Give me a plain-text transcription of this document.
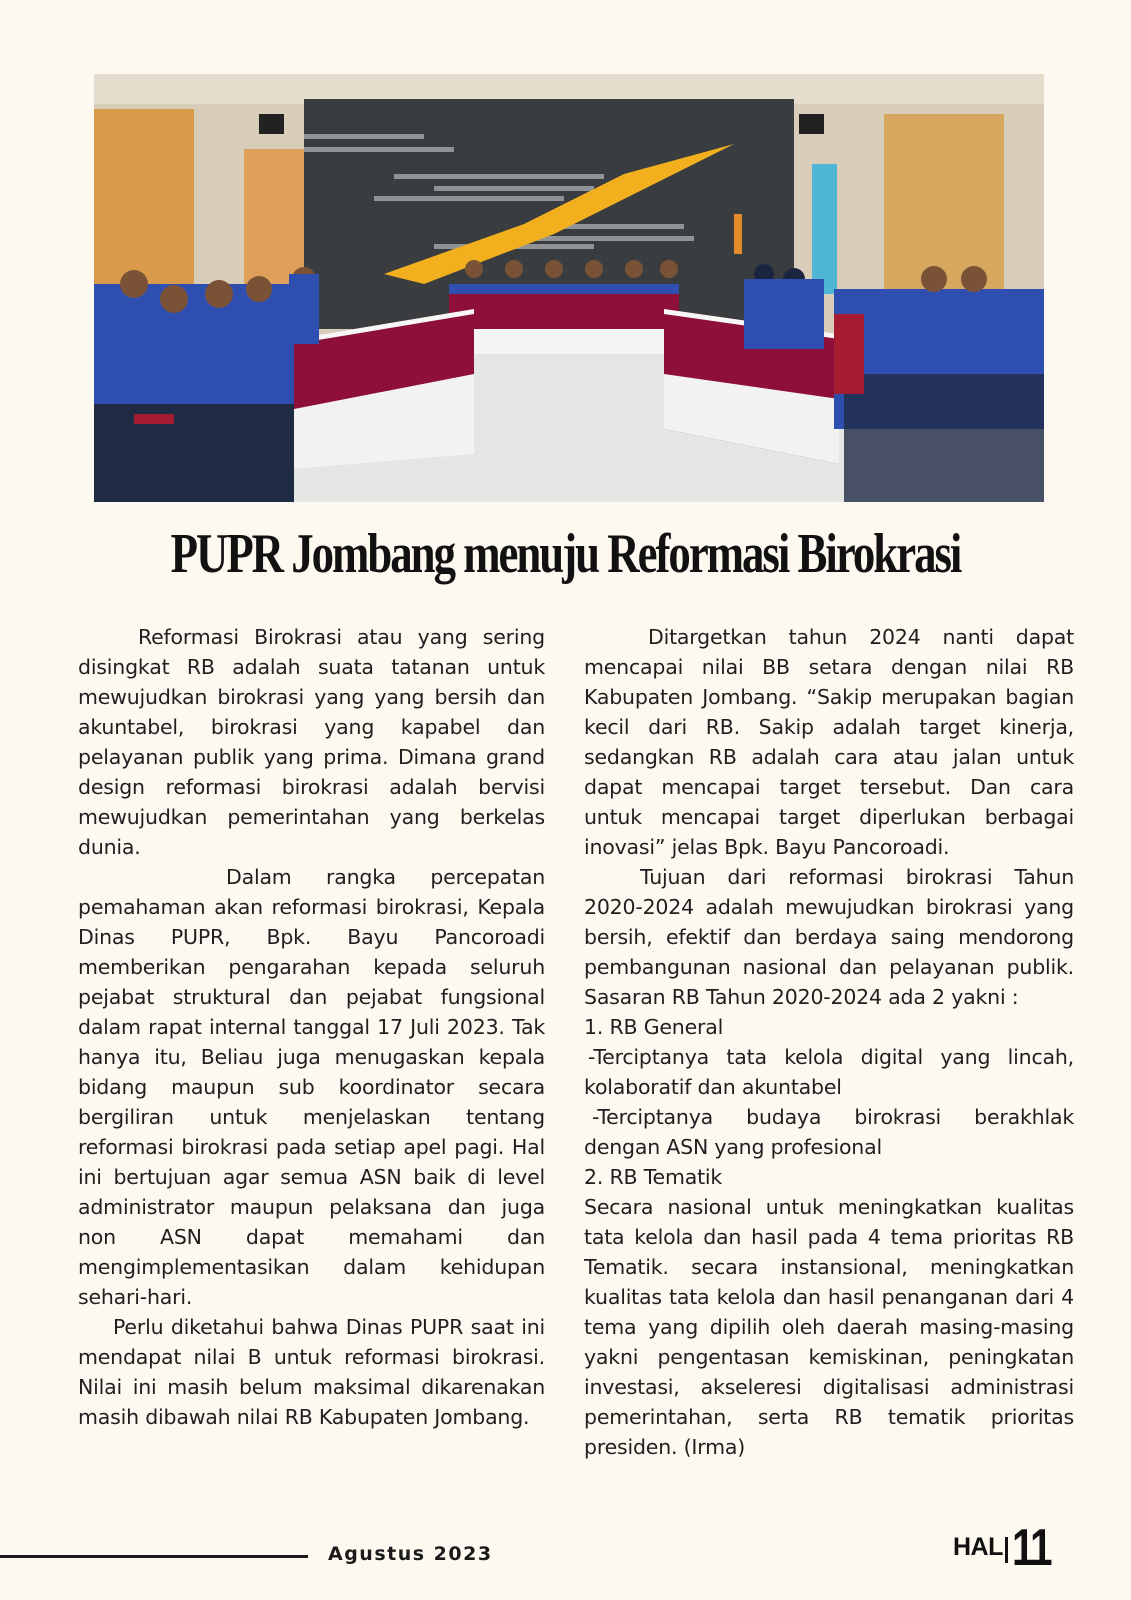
PUPR Jombang menuju Reformasi Birokrasi

Reformasi Birokrasi atau yang sering disingkat RB adalah suata tatanan untuk mewujudkan birokrasi yang yang bersih dan akuntabel, birokrasi yang kapabel dan pelayanan publik yang prima. Dimana grand design reformasi birokrasi adalah bervisi mewujudkan pemerintahan yang berkelas dunia.

Dalam rangka percepatan pemahaman akan reformasi birokrasi, Kepala Dinas PUPR, Bpk. Bayu Pancoroadi memberikan pengarahan kepada seluruh pejabat struktural dan pejabat fungsional dalam rapat internal tanggal 17 Juli 2023. Tak hanya itu, Beliau juga menugaskan kepala bidang maupun sub koordinator secara bergiliran untuk menjelaskan tentang reformasi birokrasi pada setiap apel pagi. Hal ini bertujuan agar semua ASN baik di level administrator maupun pelaksana dan juga non ASN dapat memahami dan mengimplementasikan dalam kehidupan sehari-hari.

Perlu diketahui bahwa Dinas PUPR saat ini mendapat nilai B untuk reformasi birokrasi. Nilai ini masih belum maksimal dikarenakan masih dibawah nilai RB Kabupaten Jombang.

Ditargetkan tahun 2024 nanti dapat mencapai nilai BB setara dengan nilai RB Kabupaten Jombang. “Sakip merupakan bagian kecil dari RB. Sakip adalah target kinerja, sedangkan RB adalah cara atau jalan untuk dapat mencapai target tersebut. Dan cara untuk mencapai target diperlukan berbagai inovasi” jelas Bpk. Bayu Pancoroadi.

Tujuan dari reformasi birokrasi Tahun 2020-2024 adalah mewujudkan birokrasi yang bersih, efektif dan berdaya saing mendorong pembangunan nasional dan pelayanan publik. Sasaran RB Tahun 2020-2024 ada 2 yakni :

1. RB General

-Terciptanya tata kelola digital yang lincah, kolaboratif dan akuntabel

-Terciptanya budaya birokrasi berakhlak dengan ASN yang profesional

2. RB Tematik

Secara nasional untuk meningkatkan kualitas tata kelola dan hasil pada 4 tema prioritas RB Tematik. secara instansional, meningkatkan kualitas tata kelola dan hasil penanganan dari 4 tema yang dipilih oleh daerah masing-masing yakni pengentasan kemiskinan, peningkatan investasi, akseleresi digitalisasi administrasi pemerintahan, serta RB tematik prioritas presiden. (Irma)

Agustus 2023	HAL 11
